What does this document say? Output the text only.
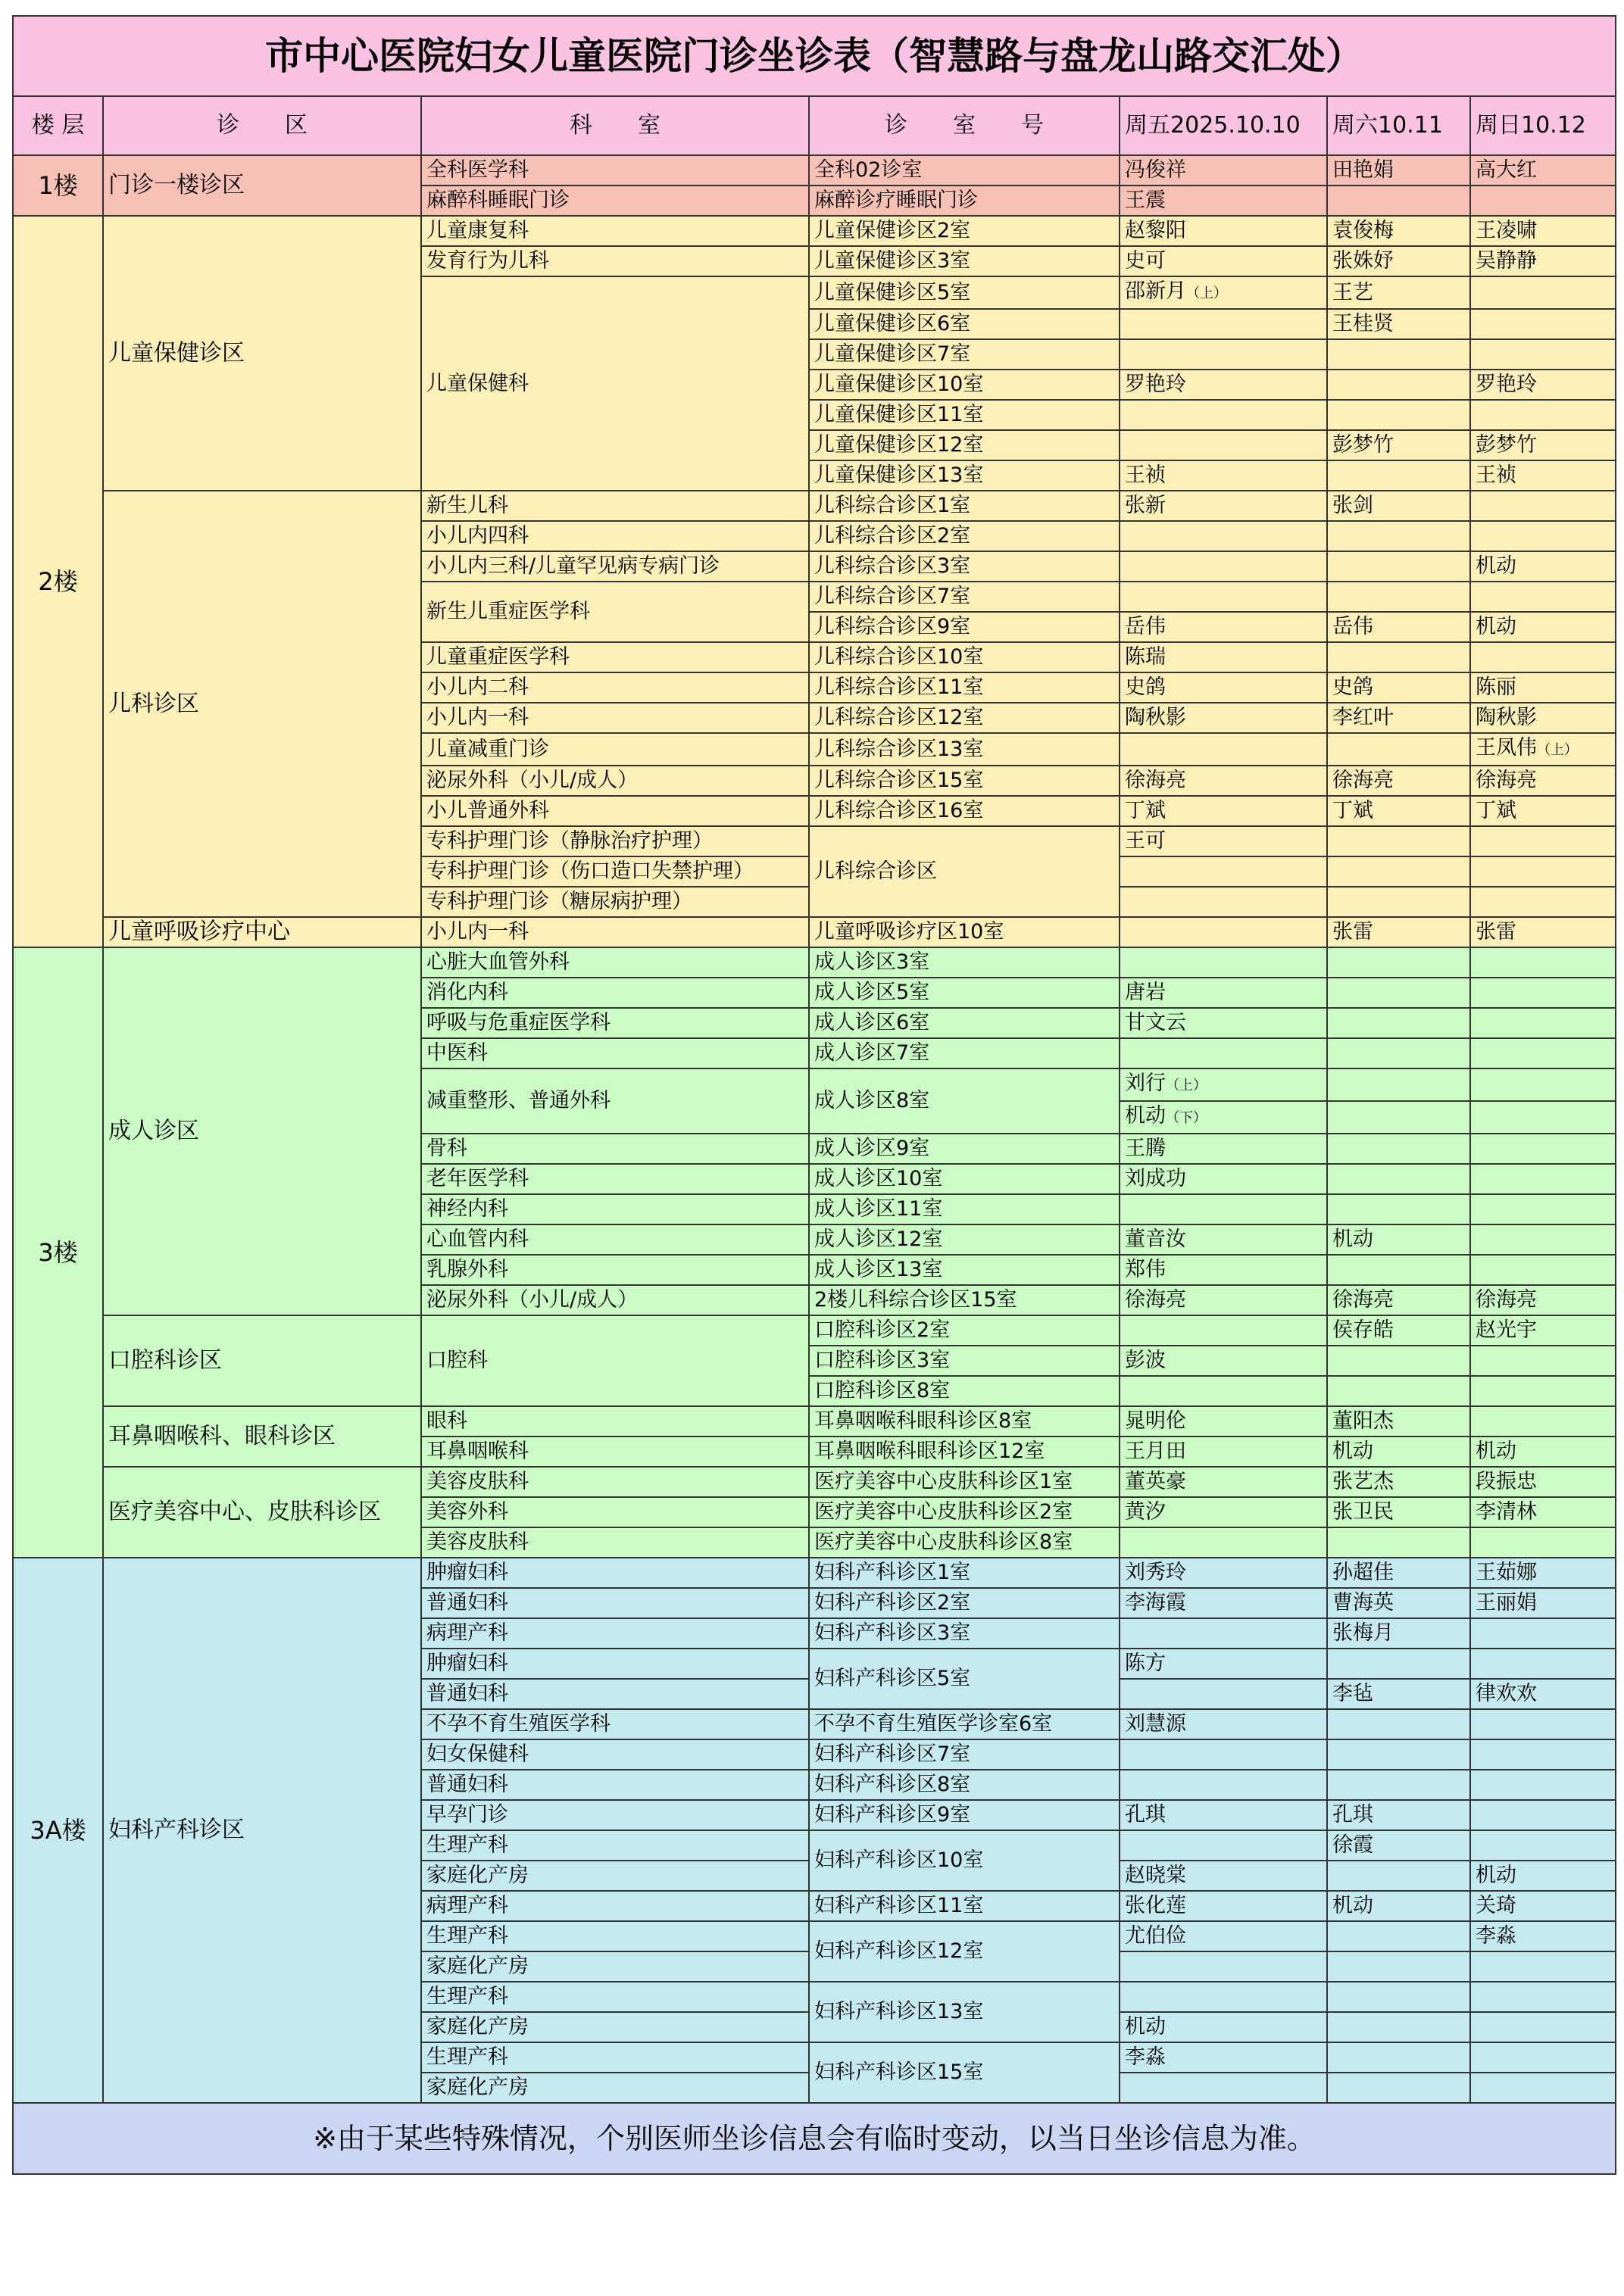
市中心医院妇女儿童医院门诊坐诊表（智慧路与盘龙山路交汇处）						
楼 层	诊　　区	科　　室	诊　　室　　号	周五2025.10.10	周六10.11	周日10.12
1楼	门诊一楼诊区	全科医学科	全科02诊室	冯俊祥	田艳娟	高大红
		麻醉科睡眠门诊	麻醉诊疗睡眠门诊	王震		
2楼	儿童保健诊区	儿童康复科	儿童保健诊区2室	赵黎阳	袁俊梅	王凌啸
		发育行为儿科	儿童保健诊区3室	史可	张姝妤	吴静静
		儿童保健科	儿童保健诊区5室	邵新月（上）	王艺	
			儿童保健诊区6室		王桂贤	
			儿童保健诊区7室			
			儿童保健诊区10室	罗艳玲		罗艳玲
			儿童保健诊区11室			
			儿童保健诊区12室		彭梦竹	彭梦竹
			儿童保健诊区13室	王祯		王祯
	儿科诊区	新生儿科	儿科综合诊区1室	张新	张剑	
		小儿内四科	儿科综合诊区2室			
		小儿内三科/儿童罕见病专病门诊	儿科综合诊区3室			机动
		新生儿重症医学科	儿科综合诊区7室			
			儿科综合诊区9室	岳伟	岳伟	机动
		儿童重症医学科	儿科综合诊区10室	陈瑞		
		小儿内二科	儿科综合诊区11室	史鸽	史鸽	陈丽
		小儿内一科	儿科综合诊区12室	陶秋影	李红叶	陶秋影
		儿童减重门诊	儿科综合诊区13室			王凤伟（上）
		泌尿外科（小儿/成人）	儿科综合诊区15室	徐海亮	徐海亮	徐海亮
		小儿普通外科	儿科综合诊区16室	丁斌	丁斌	丁斌
		专科护理门诊（静脉治疗护理）	儿科综合诊区	王可		
		专科护理门诊（伤口造口失禁护理）				
		专科护理门诊（糖尿病护理）				
	儿童呼吸诊疗中心	小儿内一科	儿童呼吸诊疗区10室		张雷	张雷
3楼	成人诊区	心脏大血管外科	成人诊区3室			
		消化内科	成人诊区5室	唐岩		
		呼吸与危重症医学科	成人诊区6室	甘文云		
		中医科	成人诊区7室			
		减重整形、普通外科	成人诊区8室	刘行（上）		
				机动（下）		
		骨科	成人诊区9室	王腾		
		老年医学科	成人诊区10室	刘成功		
		神经内科	成人诊区11室			
		心血管内科	成人诊区12室	董音汝	机动	
		乳腺外科	成人诊区13室	郑伟		
		泌尿外科（小儿/成人）	2楼儿科综合诊区15室	徐海亮	徐海亮	徐海亮
	口腔科诊区	口腔科	口腔科诊区2室		侯存皓	赵光宇
			口腔科诊区3室	彭波		
			口腔科诊区8室			
	耳鼻咽喉科、眼科诊区	眼科	耳鼻咽喉科眼科诊区8室	晁明伦	董阳杰	
		耳鼻咽喉科	耳鼻咽喉科眼科诊区12室	王月田	机动	机动
	医疗美容中心、皮肤科诊区	美容皮肤科	医疗美容中心皮肤科诊区1室	董英豪	张艺杰	段振忠
		美容外科	医疗美容中心皮肤科诊区2室	黄汐	张卫民	李清林
		美容皮肤科	医疗美容中心皮肤科诊区8室			
3A楼	妇科产科诊区	肿瘤妇科	妇科产科诊区1室	刘秀玲	孙超佳	王茹娜
		普通妇科	妇科产科诊区2室	李海霞	曹海英	王丽娟
		病理产科	妇科产科诊区3室		张梅月	
		肿瘤妇科	妇科产科诊区5室	陈方		
		普通妇科			李毡	律欢欢
		不孕不育生殖医学科	不孕不育生殖医学诊室6室	刘慧源		
		妇女保健科	妇科产科诊区7室			
		普通妇科	妇科产科诊区8室			
		早孕门诊	妇科产科诊区9室	孔琪	孔琪	
		生理产科	妇科产科诊区10室		徐霞	
		家庭化产房		赵晓棠		机动
		病理产科	妇科产科诊区11室	张化莲	机动	关琦
		生理产科	妇科产科诊区12室	尤伯俭		李淼
		家庭化产房				
		生理产科	妇科产科诊区13室			
		家庭化产房		机动		
		生理产科	妇科产科诊区15室	李淼		
		家庭化产房				
※由于某些特殊情况，个别医师坐诊信息会有临时变动，以当日坐诊信息为准。						
